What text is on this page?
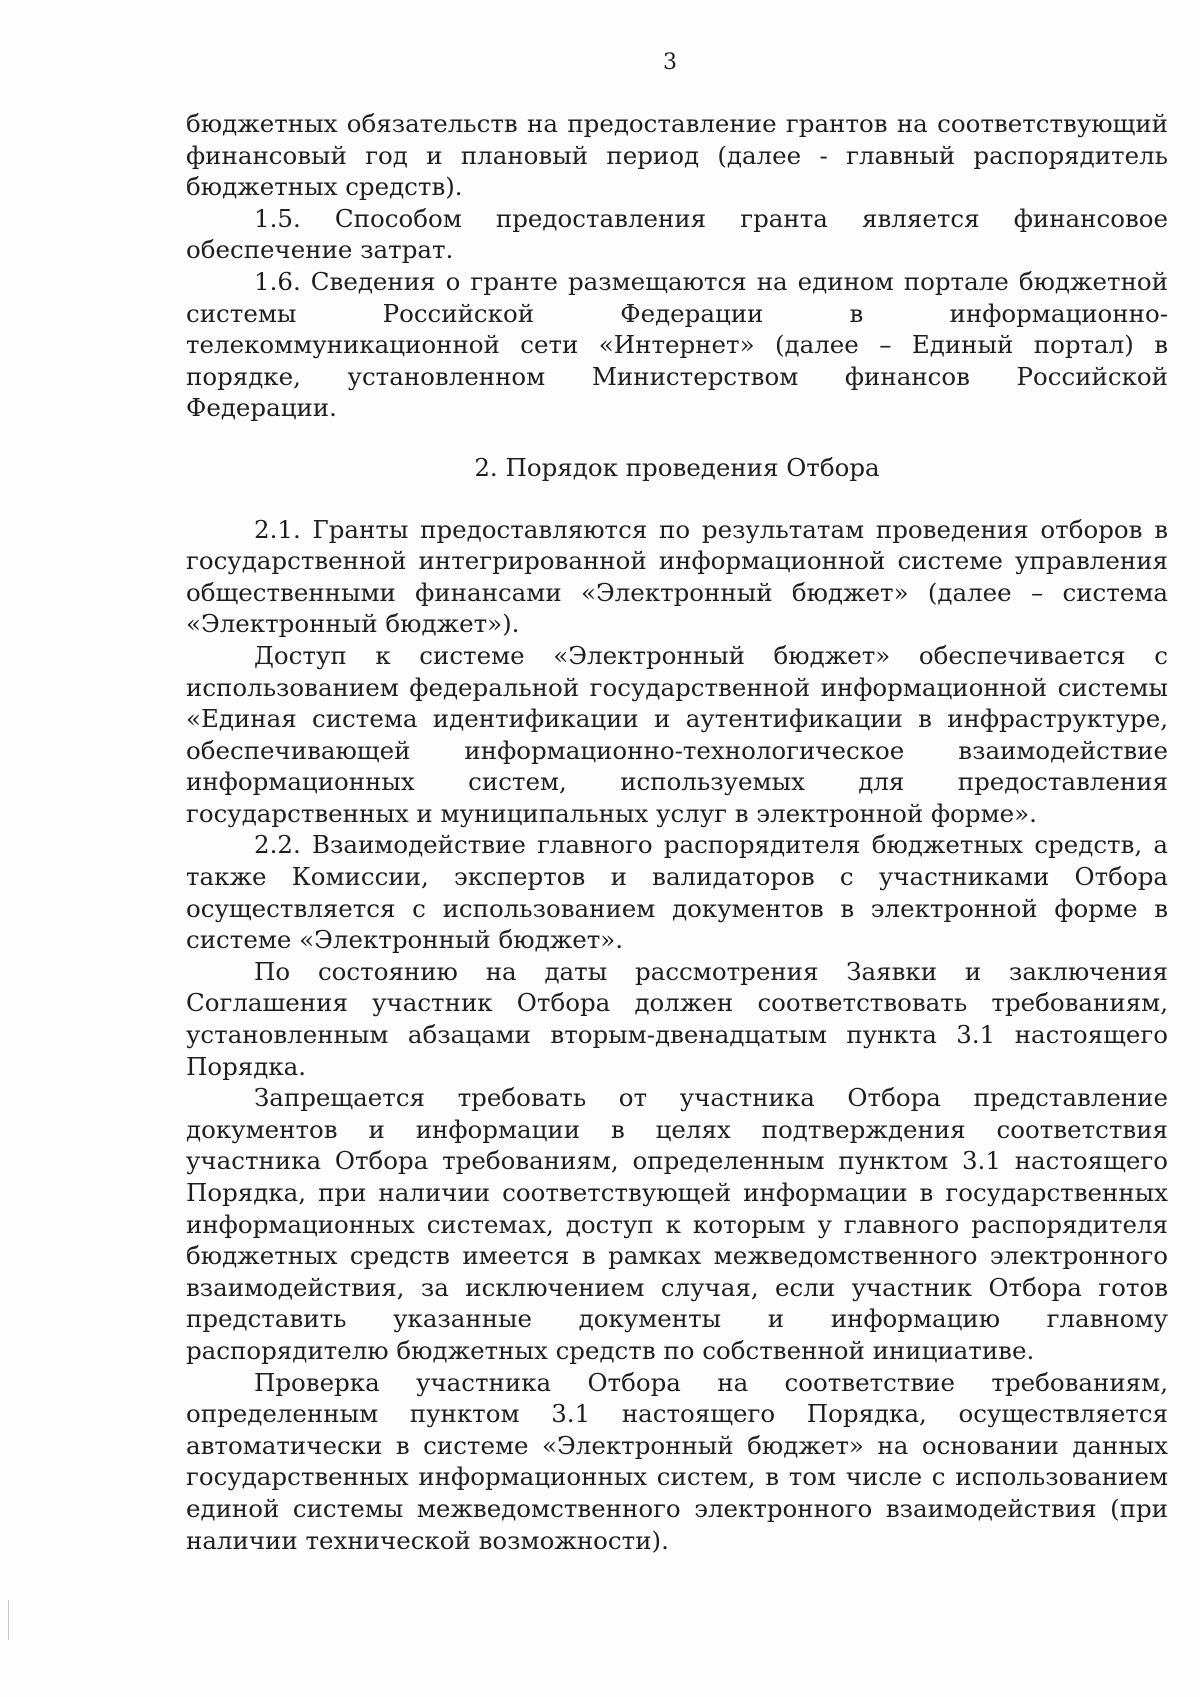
3

бюджетных обязательств на предоставление грантов на соответствующий финансовый год и плановый период (далее - главный распорядитель бюджетных средств).

1.5. Способом предоставления гранта является финансовое обеспечение затрат.

1.6. Сведения о гранте размещаются на едином портале бюджетной системы Российской Федерации в информационно-телекоммуникационной сети «Интернет» (далее – Единый портал) в порядке, установленном Министерством финансов Российской Федерации.

2. Порядок проведения Отбора

2.1. Гранты предоставляются по результатам проведения отборов в государственной интегрированной информационной системе управления общественными финансами «Электронный бюджет» (далее – система «Электронный бюджет»).

Доступ к системе «Электронный бюджет» обеспечивается с использованием федеральной государственной информационной системы «Единая система идентификации и аутентификации в инфраструктуре, обеспечивающей информационно-технологическое взаимодействие информационных систем, используемых для предоставления государственных и муниципальных услуг в электронной форме».

2.2. Взаимодействие главного распорядителя бюджетных средств, а также Комиссии, экспертов и валидаторов с участниками Отбора осуществляется с использованием документов в электронной форме в системе «Электронный бюджет».

По состоянию на даты рассмотрения Заявки и заключения Соглашения участник Отбора должен соответствовать требованиям, установленным абзацами вторым-двенадцатым пункта 3.1 настоящего Порядка.

Запрещается требовать от участника Отбора представление документов и информации в целях подтверждения соответствия участника Отбора требованиям, определенным пунктом 3.1 настоящего Порядка, при наличии соответствующей информации в государственных информационных системах, доступ к которым у главного распорядителя бюджетных средств имеется в рамках межведомственного электронного взаимодействия, за исключением случая, если участник Отбора готов представить указанные документы и информацию главному распорядителю бюджетных средств по собственной инициативе.

Проверка участника Отбора на соответствие требованиям, определенным пунктом 3.1 настоящего Порядка, осуществляется автоматически в системе «Электронный бюджет» на основании данных государственных информационных систем, в том числе с использованием единой системы межведомственного электронного взаимодействия (при наличии технической возможности).
